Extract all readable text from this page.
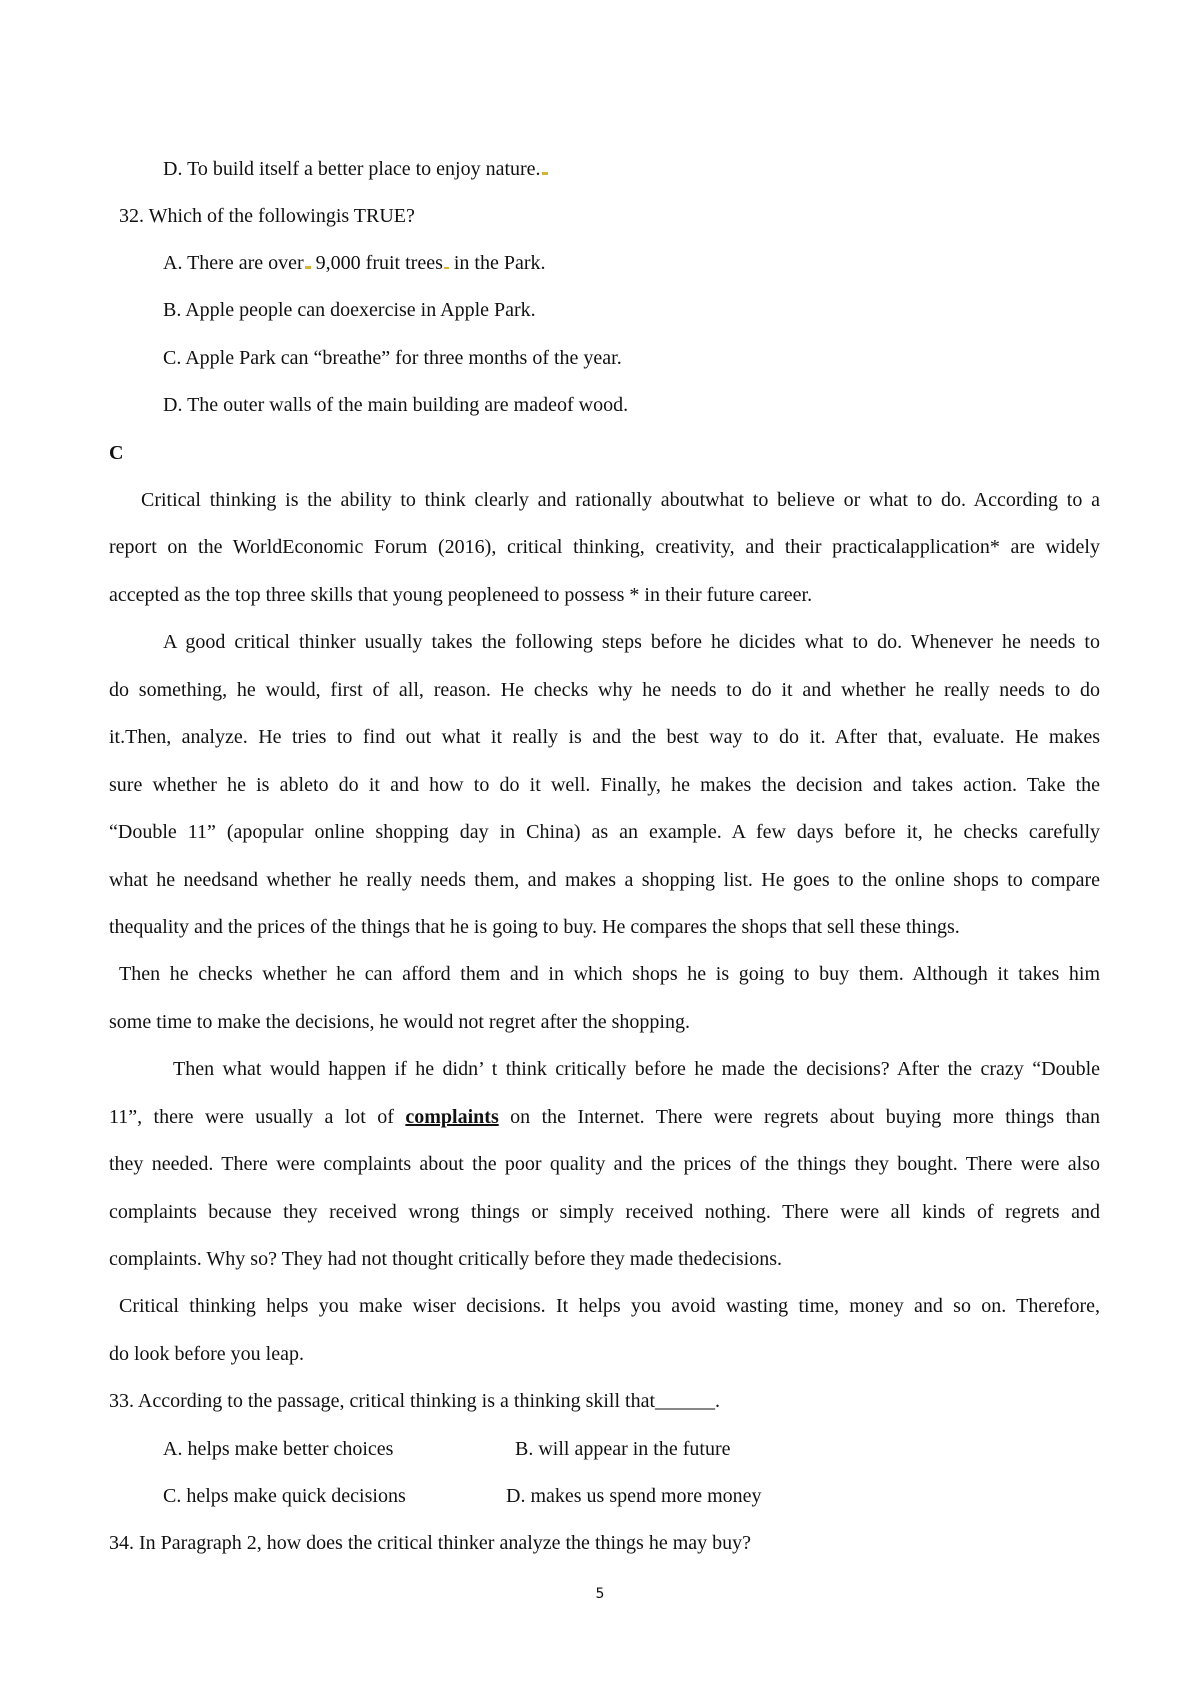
D. To build itself a better place to enjoy nature.
32. Which of the followingis TRUE?
A. There are over 9,000 fruit trees in the Park.
B. Apple people can doexercise in Apple Park.
C. Apple Park can “breathe” for three months of the year.
D. The outer walls of the main building are madeof wood.
C
Critical thinking is the ability to think clearly and rationally aboutwhat to believe or what to do. According to a
report on the WorldEconomic Forum (2016), critical thinking, creativity, and their practicalapplication* are widely
accepted as the top three skills that young peopleneed to possess * in their future career.
A good critical thinker usually takes the following steps before he dicides what to do. Whenever he needs to
do something, he would, first of all, reason. He checks why he needs to do it and whether he really needs to do
it.Then, analyze. He tries to find out what it really is and the best way to do it. After that, evaluate. He makes
sure whether he is ableto do it and how to do it well. Finally, he makes the decision and takes action. Take the
“Double 11” (apopular online shopping day in China) as an example. A few days before it, he checks carefully
what he needsand whether he really needs them, and makes a shopping list. He goes to the online shops to compare
thequality and the prices of the things that he is going to buy. He compares the shops that sell these things.
Then he checks whether he can afford them and in which shops he is going to buy them. Although it takes him
some time to make the decisions, he would not regret after the shopping.
Then what would happen if he didn’ t think critically before he made the decisions? After the crazy “Double
11”, there were usually a lot of complaints on the Internet. There were regrets about buying more things than
they needed. There were complaints about the poor quality and the prices of the things they bought. There were also
complaints because they received wrong things or simply received nothing. There were all kinds of regrets and
complaints. Why so? They had not thought critically before they made thedecisions.
Critical thinking helps you make wiser decisions. It helps you avoid wasting time, money and so on. Therefore,
do look before you leap.
33. According to the passage, critical thinking is a thinking skill that______.
A. helps make better choices	B. will appear in the future
C. helps make quick decisions	D. makes us spend more money
34. In Paragraph 2, how does the critical thinker analyze the things he may buy?
5
